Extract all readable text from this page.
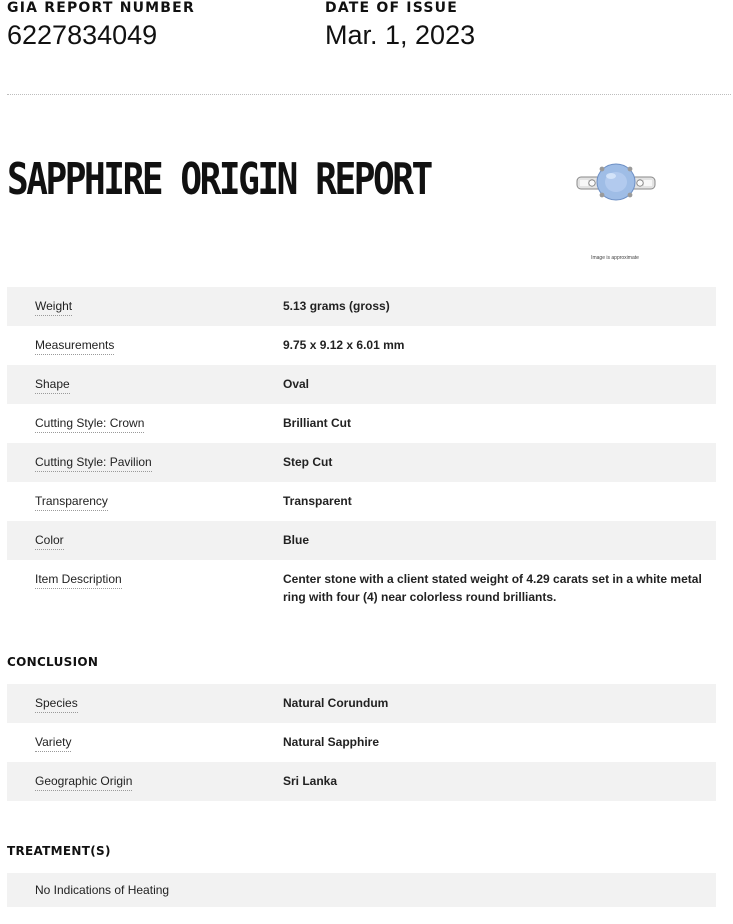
GIA REPORT NUMBER
6227834049
DATE OF ISSUE
Mar. 1, 2023
SAPPHIRE ORIGIN REPORT
Image is approximate
Weight	5.13 grams (gross)
Measurements	9.75 x 9.12 x 6.01 mm
Shape	Oval
Cutting Style: Crown	Brilliant Cut
Cutting Style: Pavilion	Step Cut
Transparency	Transparent
Color	Blue
Item Description	Center stone with a client stated weight of 4.29 carats set in a white metal ring with four (4) near colorless round brilliants.
CONCLUSION
Species	Natural Corundum
Variety	Natural Sapphire
Geographic Origin	Sri Lanka
TREATMENT(S)
No Indications of Heating
